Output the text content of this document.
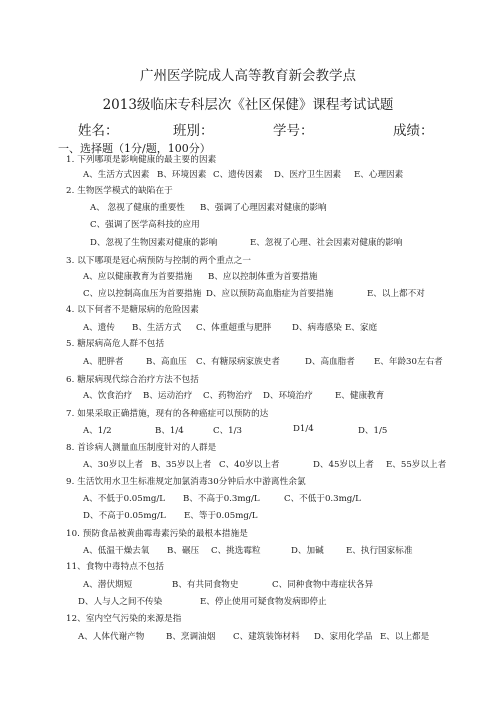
广州医学院成人高等教育新会教学点
2013级临床专科层次《社区保健》课程考试试题
姓名：	班別：	学号：	成绩：
一、选择题（1分/题，100分）
1. 下列哪项是影响健康的最主要的因素
A、生活方式因素 B、环境因素 C、遗传因素 D、医疗卫生因素 E、心理因素
2. 生物医学模式的缺陷在于
A、 忽视了健康的重要性 B、强调了心理因素对健康的影响
C、强调了医学高科技的应用
D、忽视了生物因素对健康的影响	E、忽视了心理、社会因素对健康的影响
3. 以下哪项是冠心病预防与控制的两个重点之一
A、应以健康教育为首要措施 B、应以控制体重为首要措施
C、应以控制高血压为首要措施 D、应以预防高血脂症为首要措施	E、以上都不对
4. 以下何者不是糖尿病的危险因素
A、遗传 B、生活方式 C、体重超重与肥胖 D、病毒感染 E、家庭
5. 糖尿病高危人群不包括
A、肥胖者	B、高血压 C、有糖尿病家族史者	D、高血脂者 E、年龄30左右者
6. 糖尿病现代综合治疗方法不包括
A、饮食治疗 B、运动治疗 C、药物治疗 D、环境治疗	E、健康教育
7. 如果采取正确措施，现有的各种癌症可以预防的达
A、1/2	B、1/4	C、1/3	D1/4	D、1/5
8. 首诊病人测量血压制度针对的人群是
A、30岁以上者 B、35岁以上者 C、40岁以上者	D、45岁以上者 E、55岁以上者
9. 生活饮用水卫生标准规定加氯消毒30分钟后水中游离性余氯
A、不低于0.05mg/L B、不高于0.3mg/L	C、不低于0.3mg/L
D、不高于0.05mg/L E、等于0.05mg/L
10. 预防食品被黄曲霉毒素污染的最根本措施是
A、低温干燥去氧 B、碾压 C、挑选霉粒	D、加碱	E、执行国家标准
11、食物中毒特点不包括
A、潜伏期短	B、有共同食物史	C、同种食物中毒症状各异
D、人与人之间不传染	E、停止使用可疑食物发病即停止
12、室内空气污染的来源是指
A、人体代谢产物	B、烹调油烟 C、建筑装饰材料 D、家用化学品 E、以上都是
